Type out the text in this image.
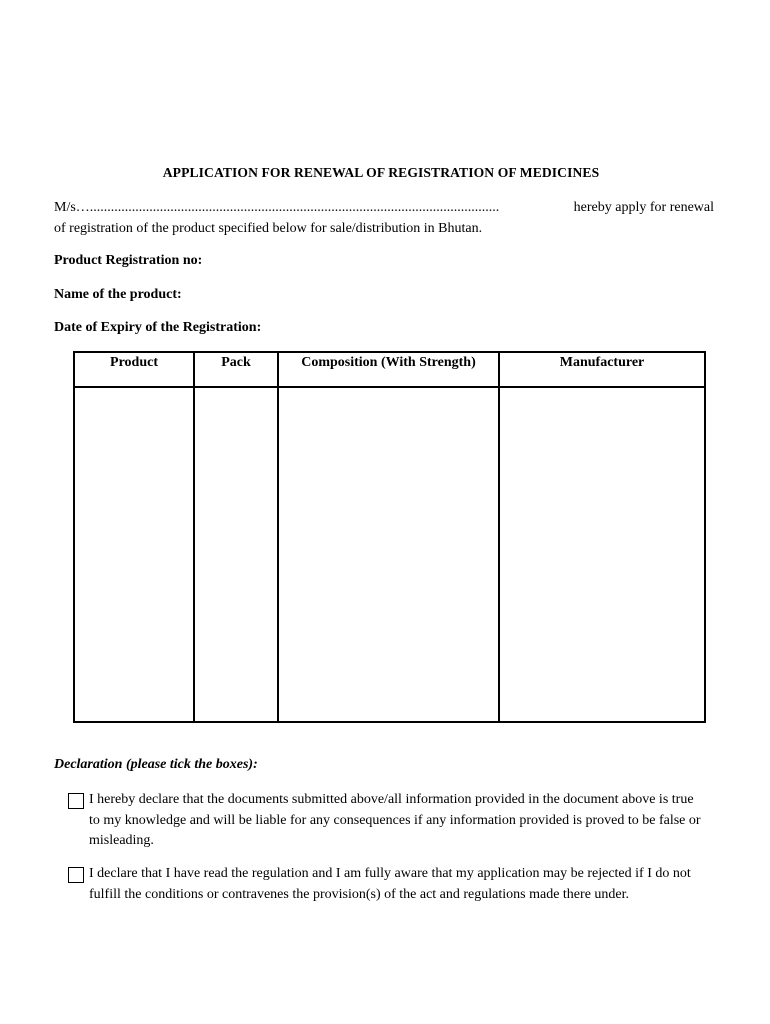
APPLICATION FOR RENEWAL OF REGISTRATION OF MEDICINES
M/s….....................................................................................................................	hereby apply for renewal
of registration of the product specified below for sale/distribution in Bhutan.
Product Registration no:
Name of the product:
Date of Expiry of the Registration:
Product	Pack	Composition (With Strength)	Manufacturer

Declaration (please tick the boxes):
I hereby declare that the documents submitted above/all information provided in the document above is true to my knowledge and will be liable for any consequences if any information provided is proved to be false or misleading.
I declare that I have read the regulation and I am fully aware that my application may be rejected if I do not fulfill the conditions or contravenes the provision(s) of the act and regulations made there under.
